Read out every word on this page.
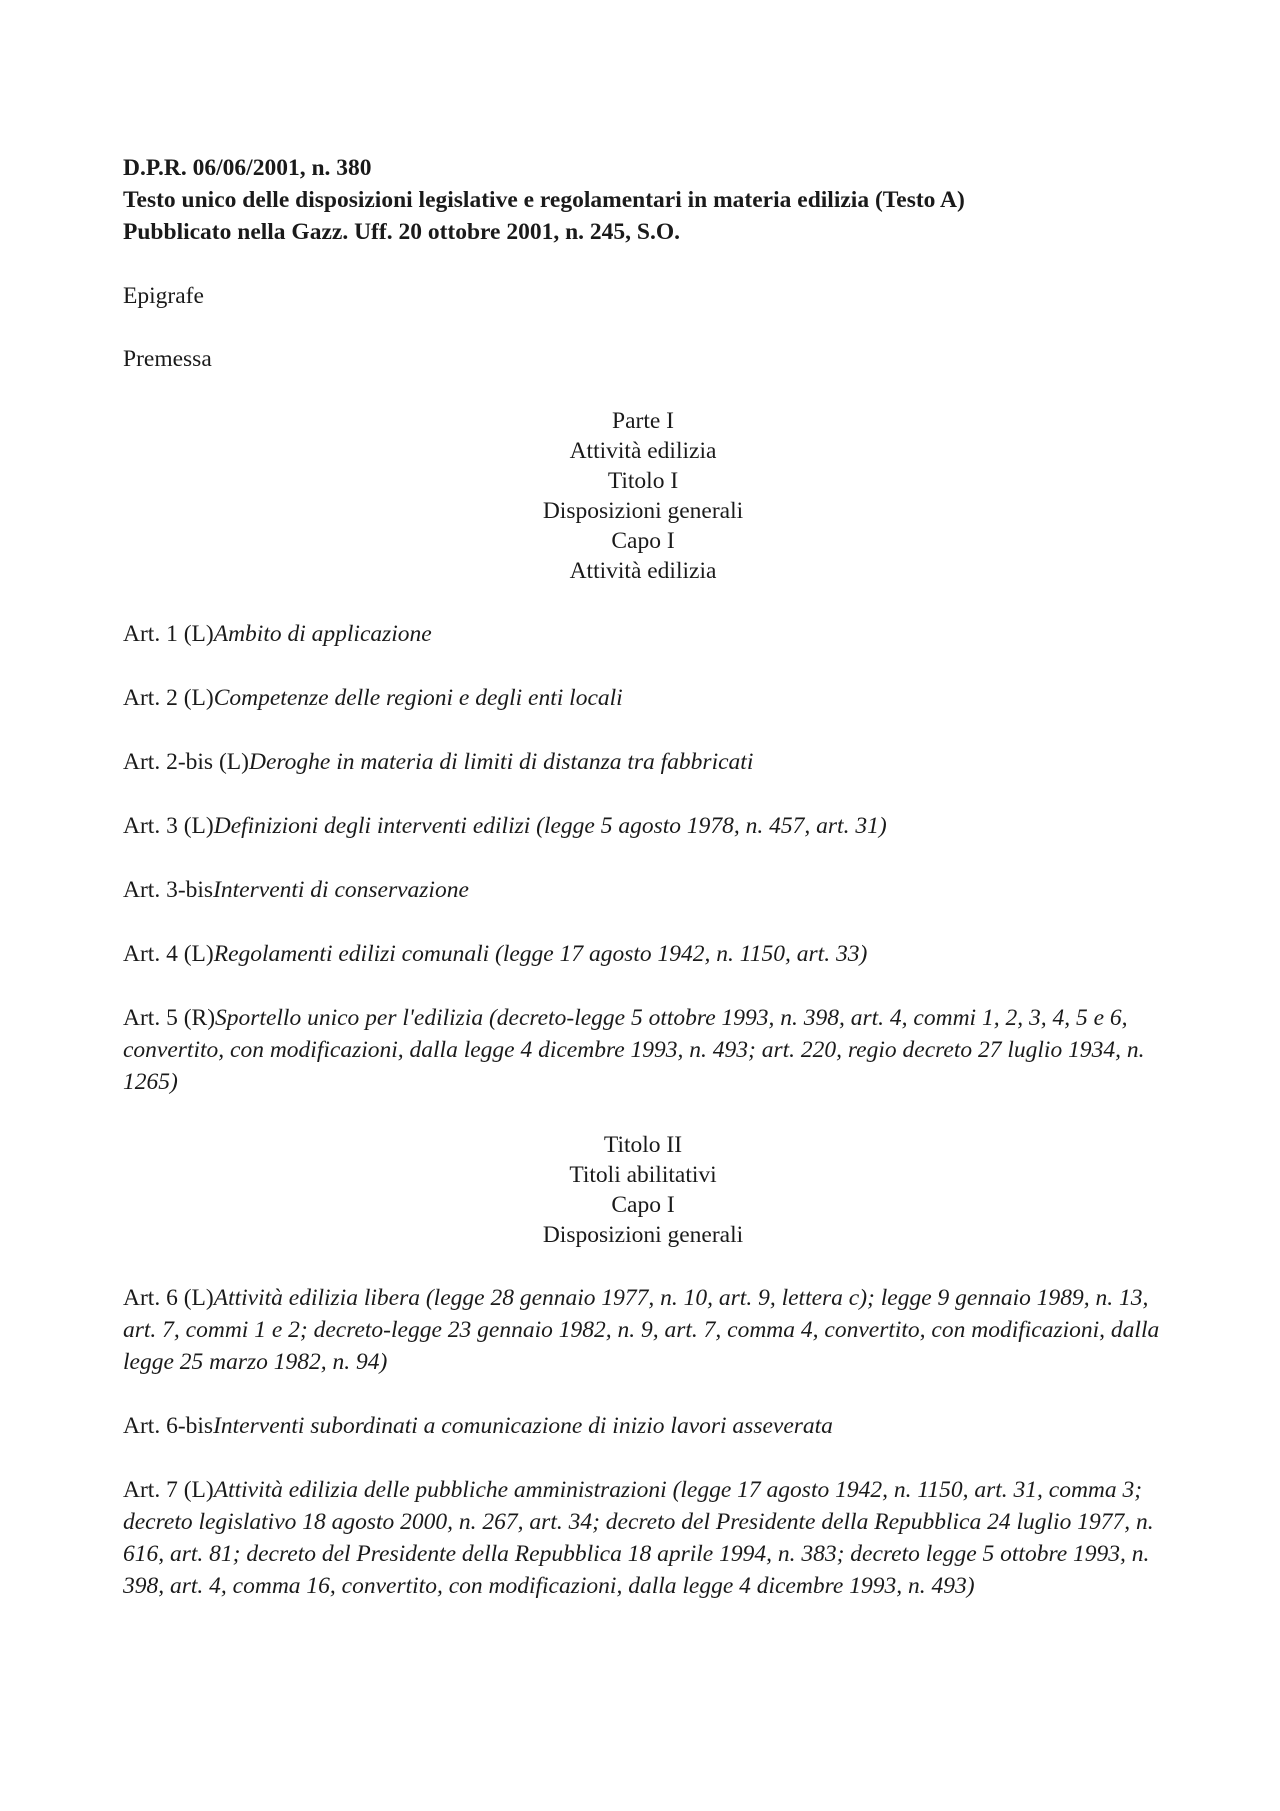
D.P.R. 06/06/2001, n. 380
Testo unico delle disposizioni legislative e regolamentari in materia edilizia (Testo A)
Pubblicato nella Gazz. Uff. 20 ottobre 2001, n. 245, S.O.
Epigrafe
Premessa
Parte I
Attività edilizia
Titolo I
Disposizioni generali
Capo I
Attività edilizia
Art. 1 (L)Ambito di applicazione
Art. 2 (L)Competenze delle regioni e degli enti locali
Art. 2-bis (L)Deroghe in materia di limiti di distanza tra fabbricati
Art. 3 (L)Definizioni degli interventi edilizi (legge 5 agosto 1978, n. 457, art. 31)
Art. 3-bisInterventi di conservazione
Art. 4 (L)Regolamenti edilizi comunali (legge 17 agosto 1942, n. 1150, art. 33)
Art. 5 (R)Sportello unico per l'edilizia (decreto-legge 5 ottobre 1993, n. 398, art. 4, commi 1, 2, 3, 4, 5 e 6, convertito, con modificazioni, dalla legge 4 dicembre 1993, n. 493; art. 220, regio decreto 27 luglio 1934, n. 1265)
Titolo II
Titoli abilitativi
Capo I
Disposizioni generali
Art. 6 (L)Attività edilizia libera (legge 28 gennaio 1977, n. 10, art. 9, lettera c); legge 9 gennaio 1989, n. 13, art. 7, commi 1 e 2; decreto-legge 23 gennaio 1982, n. 9, art. 7, comma 4, convertito, con modificazioni, dalla legge 25 marzo 1982, n. 94)
Art. 6-bisInterventi subordinati a comunicazione di inizio lavori asseverata
Art. 7 (L)Attività edilizia delle pubbliche amministrazioni (legge 17 agosto 1942, n. 1150, art. 31, comma 3; decreto legislativo 18 agosto 2000, n. 267, art. 34; decreto del Presidente della Repubblica 24 luglio 1977, n. 616, art. 81; decreto del Presidente della Repubblica 18 aprile 1994, n. 383; decreto legge 5 ottobre 1993, n. 398, art. 4, comma 16, convertito, con modificazioni, dalla legge 4 dicembre 1993, n. 493)
